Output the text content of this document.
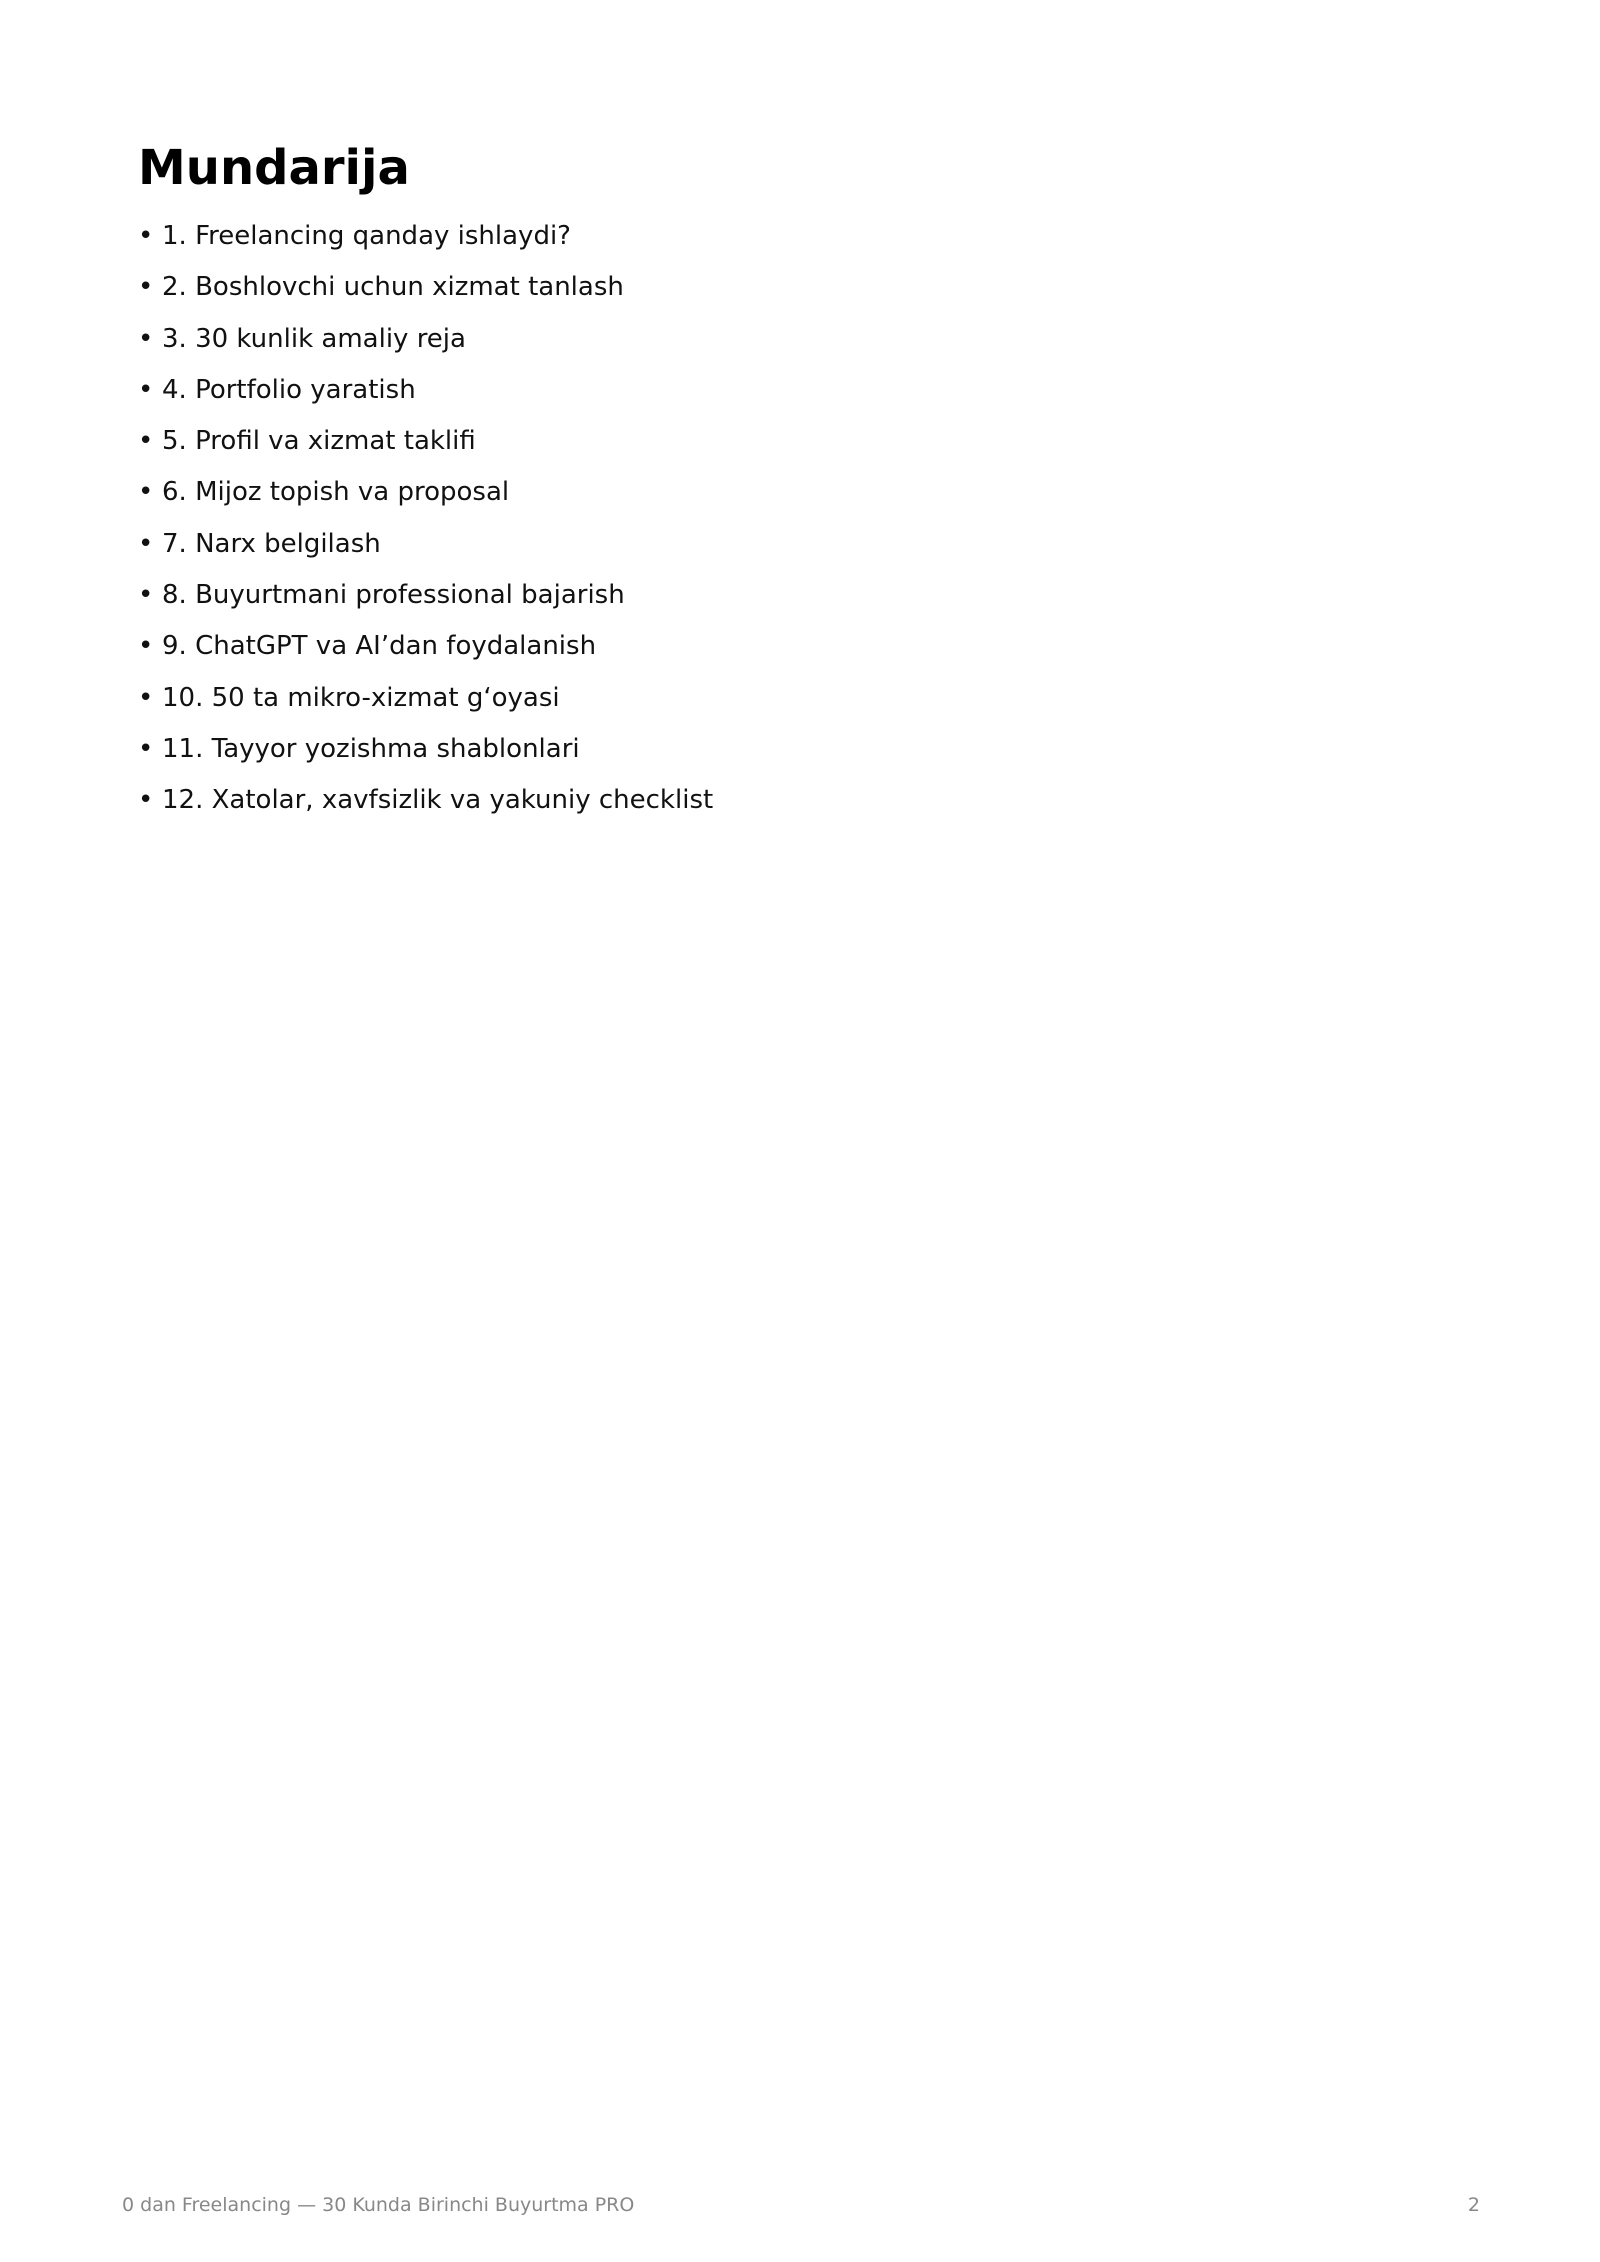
Mundarija
• 1. Freelancing qanday ishlaydi?
• 2. Boshlovchi uchun xizmat tanlash
• 3. 30 kunlik amaliy reja
• 4. Portfolio yaratish
• 5. Profil va xizmat taklifi
• 6. Mijoz topish va proposal
• 7. Narx belgilash
• 8. Buyurtmani professional bajarish
• 9. ChatGPT va AI’dan foydalanish
• 10. 50 ta mikro-xizmat g‘oyasi
• 11. Tayyor yozishma shablonlari
• 12. Xatolar, xavfsizlik va yakuniy checklist
0 dan Freelancing — 30 Kunda Birinchi Buyurtma PRO	2
